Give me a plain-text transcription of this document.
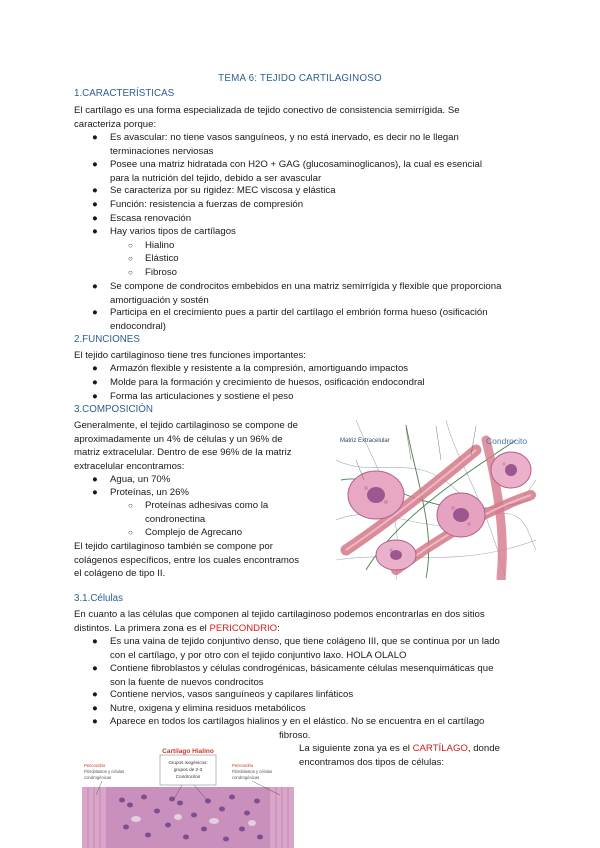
TEMA 6: TEJIDO CARTILAGINOSO
1.CARACTERÍSTICAS
El cartílago es una forma especializada de tejido conectivo de consistencia semirrígida. Se
caracteriza porque:
● Es avascular: no tiene vasos sanguíneos, y no está inervado, es decir no le llegan
terminaciones nerviosas
● Posee una matriz hidratada con H2O + GAG (glucosaminoglicanos), la cual es esencial
para la nutrición del tejido, debido a ser avascular
● Se caracteriza por su rigidez: MEC viscosa y elástica
● Función: resistencia a fuerzas de compresión
● Escasa renovación
● Hay varios tipos de cartílagos
○ Hialino
○ Elástico
○ Fibroso
● Se compone de condrocitos embebidos en una matriz semirrígida y flexible que proporciona
amortiguación y sostén
● Participa en el crecimiento pues a partir del cartílago el embrión forma hueso (osificación
endocondral)
2.FUNCIONES
El tejido cartilaginoso tiene tres funciones importantes:
● Armazón flexible y resistente a la compresión, amortiguando impactos
● Molde para la formación y crecimiento de huesos, osificación endocondral
● Forma las articulaciones y sostiene el peso
3.COMPOSICIÓN
Generalmente, el tejido cartilaginoso se compone de
aproximadamente un 4% de células y un 96% de
matriz extracelular. Dentro de ese 96% de la matriz
extracelular encontramos:
● Agua, un 70%
● Proteínas, un 26%
○ Proteínas adhesivas como la
condronectina
○ Complejo de Agrecano
El tejido cartilaginoso también se compone por
colágenos específicos, entre los cuales encontramos
el colágeno de tipo II.
Matriz Extracelular	Condrocito
3.1.Células
En cuanto a las células que componen al tejido cartilaginoso podemos encontrarlas en dos sitios
distintos. La primera zona es el PERICONDRIO:
● Es una vaina de tejido conjuntivo denso, que tiene colágeno III, que se continua por un lado
con el cartílago, y por otro con el tejido conjuntivo laxo. HOLA OLALO
● Contiene fibroblastos y células condrogénicas, básicamente células mesenquimáticas que
son la fuente de nuevos condrocitos
● Contiene nervios, vasos sanguíneos y capilares linfáticos
● Nutre, oxigena y elimina residuos metabólicos
● Aparece en todos los cartílagos hialinos y en el elástico. No se encuentra en el cartílago
fibroso.
La siguiente zona ya es el CARTÍLAGO, donde
encontramos dos tipos de células:
Cartílago Hialino
Grupos isogénicos:
grupos de 2-3
Condrocitos
Pericondrio
Fibroblastos y células
condrogénicas
Pericondrio
Fibroblastos y células
condrogénicas
